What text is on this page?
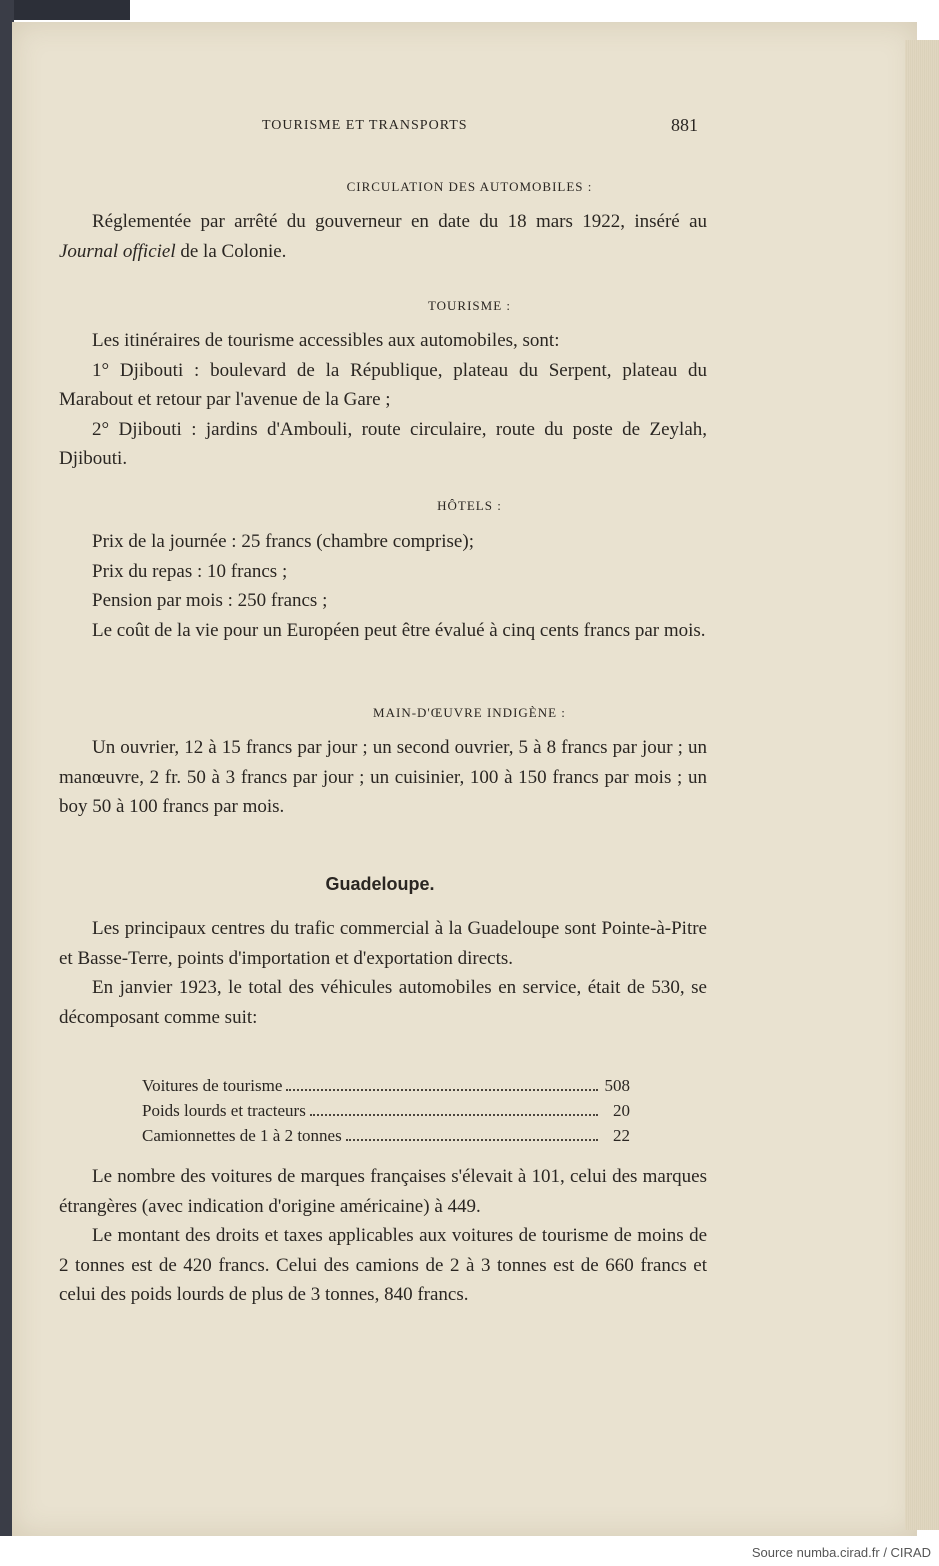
TOURISME ET TRANSPORTS	881
CIRCULATION DES AUTOMOBILES :

Réglementée par arrêté du gouverneur en date du 18 mars 1922, inséré au Journal officiel de la Colonie.

TOURISME :

Les itinéraires de tourisme accessibles aux automobiles, sont:

1° Djibouti : boulevard de la République, plateau du Serpent, plateau du Marabout et retour par l'avenue de la Gare ;

2° Djibouti : jardins d'Ambouli, route circulaire, route du poste de Zeylah, Djibouti.

HÔTELS :

Prix de la journée : 25 francs (chambre comprise);

Prix du repas : 10 francs ;

Pension par mois : 250 francs ;

Le coût de la vie pour un Européen peut être évalué à cinq cents francs par mois.

MAIN-D'ŒUVRE INDIGÈNE :

Un ouvrier, 12 à 15 francs par jour ; un second ouvrier, 5 à 8 francs par jour ; un manœuvre, 2 fr. 50 à 3 francs par jour ; un cuisinier, 100 à 150 francs par mois ; un boy 50 à 100 francs par mois.

Guadeloupe.

Les principaux centres du trafic commercial à la Guadeloupe sont Pointe-à-Pitre et Basse-Terre, points d'importation et d'exportation directs.

En janvier 1923, le total des véhicules automobiles en service, était de 530, se décomposant comme suit:

Voitures de tourisme	508
Poids lourds et tracteurs	20
Camionnettes de 1 à 2 tonnes	22

Le nombre des voitures de marques françaises s'élevait à 101, celui des marques étrangères (avec indication d'origine américaine) à 449.

Le montant des droits et taxes applicables aux voitures de tourisme de moins de 2 tonnes est de 420 francs. Celui des camions de 2 à 3 tonnes est de 660 francs et celui des poids lourds de plus de 3 tonnes, 840 francs.

Source numba.cirad.fr / CIRAD
